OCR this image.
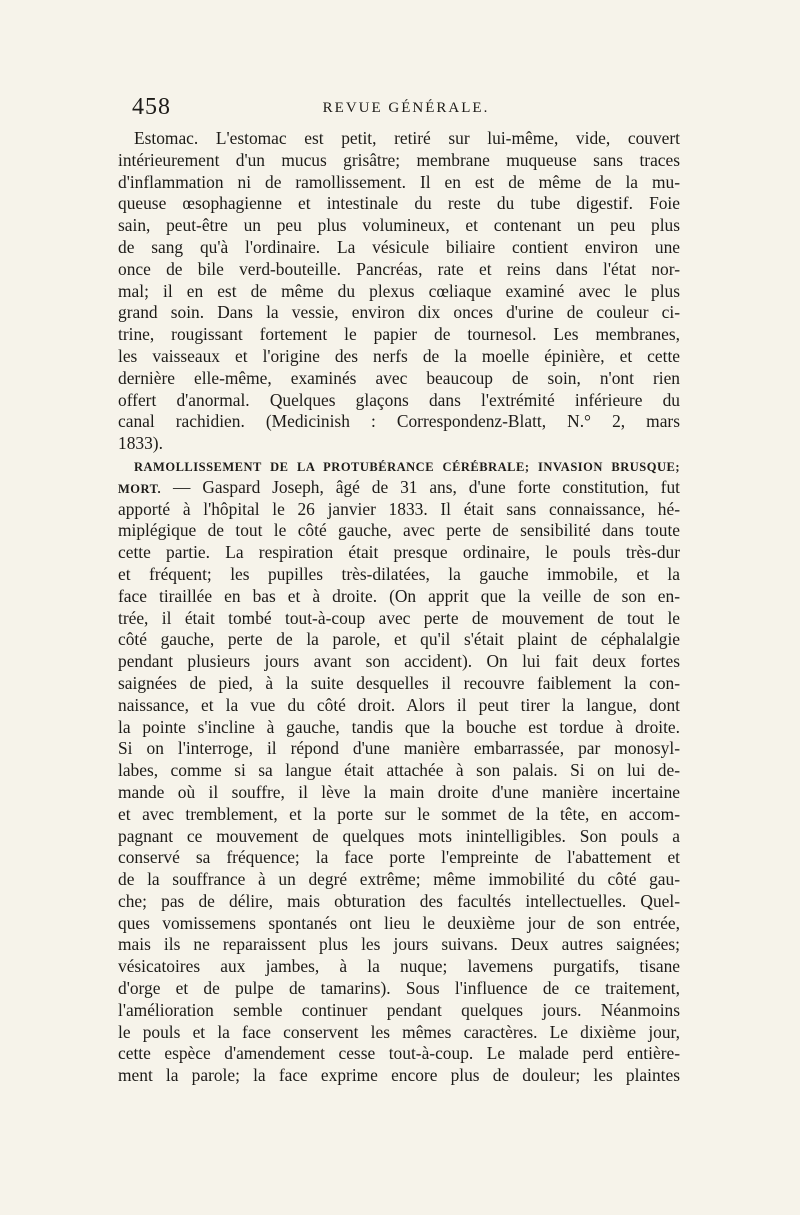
458	REVUE GÉNÉRALE.
Estomac. L'estomac est petit, retiré sur lui-même, vide, couvert
intérieurement d'un mucus grisâtre; membrane muqueuse sans traces
d'inflammation ni de ramollissement. Il en est de même de la mu-
queuse œsophagienne et intestinale du reste du tube digestif. Foie
sain, peut-être un peu plus volumineux, et contenant un peu plus
de sang qu'à l'ordinaire. La vésicule biliaire contient environ une
once de bile verd-bouteille. Pancréas, rate et reins dans l'état nor-
mal; il en est de même du plexus cœliaque examiné avec le plus
grand soin. Dans la vessie, environ dix onces d'urine de couleur ci-
trine, rougissant fortement le papier de tournesol. Les membranes,
les vaisseaux et l'origine des nerfs de la moelle épinière, et cette
dernière elle-même, examinés avec beaucoup de soin, n'ont rien
offert d'anormal. Quelques glaçons dans l'extrémité inférieure du
canal rachidien. (Medicinish : Correspondenz-Blatt, N.° 2, mars
1833).
RAMOLLISSEMENT DE LA PROTUBÉRANCE CÉRÉBRALE; INVASION BRUSQUE;
MORT. — Gaspard Joseph, âgé de 31 ans, d'une forte constitution, fut
apporté à l'hôpital le 26 janvier 1833. Il était sans connaissance, hé-
miplégique de tout le côté gauche, avec perte de sensibilité dans toute
cette partie. La respiration était presque ordinaire, le pouls très-dur
et fréquent; les pupilles très-dilatées, la gauche immobile, et la
face tiraillée en bas et à droite. (On apprit que la veille de son en-
trée, il était tombé tout-à-coup avec perte de mouvement de tout le
côté gauche, perte de la parole, et qu'il s'était plaint de céphalalgie
pendant plusieurs jours avant son accident). On lui fait deux fortes
saignées de pied, à la suite desquelles il recouvre faiblement la con-
naissance, et la vue du côté droit. Alors il peut tirer la langue, dont
la pointe s'incline à gauche, tandis que la bouche est tordue à droite.
Si on l'interroge, il répond d'une manière embarrassée, par monosyl-
labes, comme si sa langue était attachée à son palais. Si on lui de-
mande où il souffre, il lève la main droite d'une manière incertaine
et avec tremblement, et la porte sur le sommet de la tête, en accom-
pagnant ce mouvement de quelques mots inintelligibles. Son pouls a
conservé sa fréquence; la face porte l'empreinte de l'abattement et
de la souffrance à un degré extrême; même immobilité du côté gau-
che; pas de délire, mais obturation des facultés intellectuelles. Quel-
ques vomissemens spontanés ont lieu le deuxième jour de son entrée,
mais ils ne reparaissent plus les jours suivans. Deux autres saignées;
vésicatoires aux jambes, à la nuque; lavemens purgatifs, tisane
d'orge et de pulpe de tamarins). Sous l'influence de ce traitement,
l'amélioration semble continuer pendant quelques jours. Néanmoins
le pouls et la face conservent les mêmes caractères. Le dixième jour,
cette espèce d'amendement cesse tout-à-coup. Le malade perd entière-
ment la parole; la face exprime encore plus de douleur; les plaintes
